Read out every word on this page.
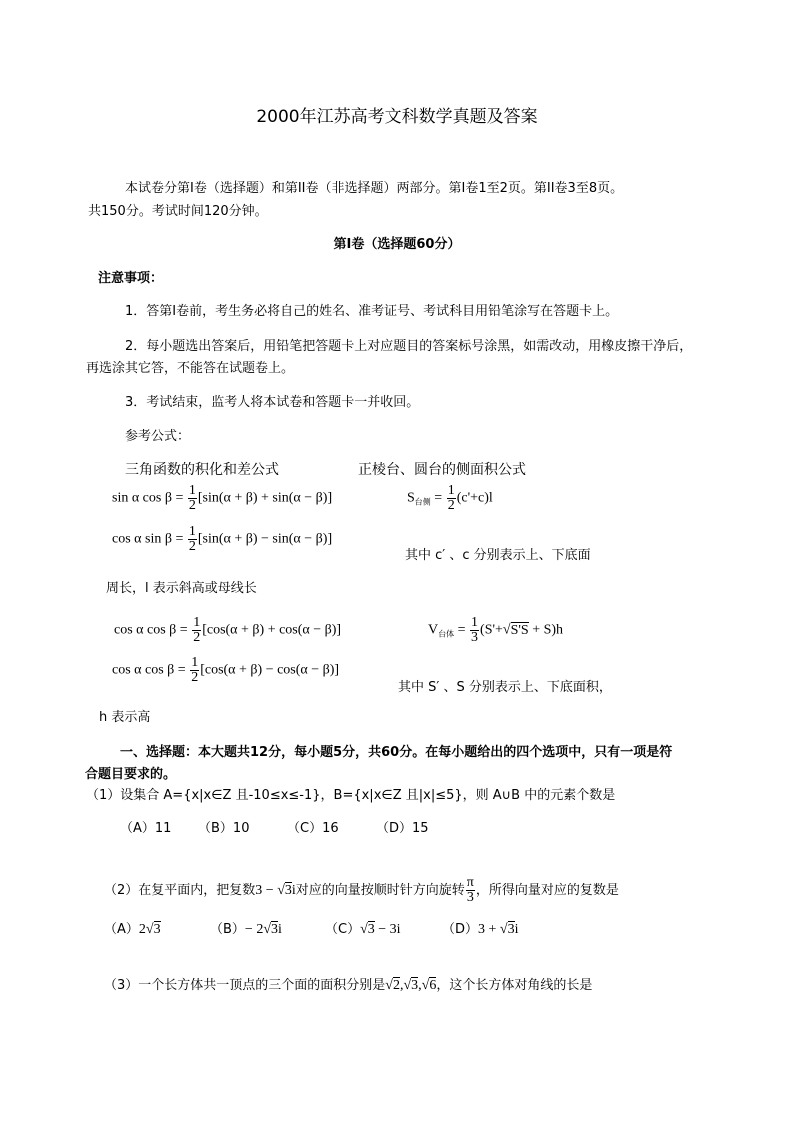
2000年江苏高考文科数学真题及答案
本试卷分第I卷（选择题）和第II卷（非选择题）两部分。第I卷1至2页。第II卷3至8页。
共150分。考试时间120分钟。
第I卷（选择题60分）
注意事项：
1．答第I卷前，考生务必将自己的姓名、准考证号、考试科目用铅笔涂写在答题卡上。
2．每小题选出答案后，用铅笔把答题卡上对应题目的答案标号涂黑，如需改动，用橡皮擦干净后，
再选涂其它答，不能答在试题卷上。
3．考试结束，监考人将本试卷和答题卡一并收回。
参考公式：
三角函数的积化和差公式	正棱台、圆台的侧面积公式
sin α $\cos \beta = \frac{1}{2} [\sin(\alpha + \beta) + \sin(\alpha - \beta)]$
cos α $\sin \beta = \frac{1}{2} [\sin(\alpha + \beta) - \sin(\alpha - \beta)]$
cos α $\cos \beta = \frac{1}{2} [\cos(\alpha + \beta) + \cos(\alpha - \beta)]$
cos α $\cos \beta = \frac{1}{2} [\cos(\alpha + \beta) - \cos(\alpha - \beta)]$
$S_{台侧} = \frac{1}{2} (c'+c)l$
其中 c′ 、c 分别表示上、下底面
周长，l 表示斜高或母线长
$V_{台体} = \frac{1}{3} (S'+√S'S + S)h$
其中 S′ 、S 分别表示上、下底面积，
h 表示高
一、选择题：本大题共12分，每小题5分，共60分。在每小题给出的四个选项中，只有一项是符
合题目要求的。
（1）设集合 A={x|x∈Z 且-10≤x≤-1}，B={x|x∈Z 且|x|≤5}，则 A∪B 中的元素个数是
（A）11 （B）10	（C）16	（D）15
（2）在复平面内，把复数3 − √3i对应的向量按顺时针方向旋转 $\frac{\pi}{3}$ ，所得向量对应的复数是
（A）2√3	（B）− 2√3i	（C）√3 − 3i	（D）3 + √3i
（3）一个长方体共一顶点的三个面的面积分别是√2,√3,√6，这个长方体对角线的长是
